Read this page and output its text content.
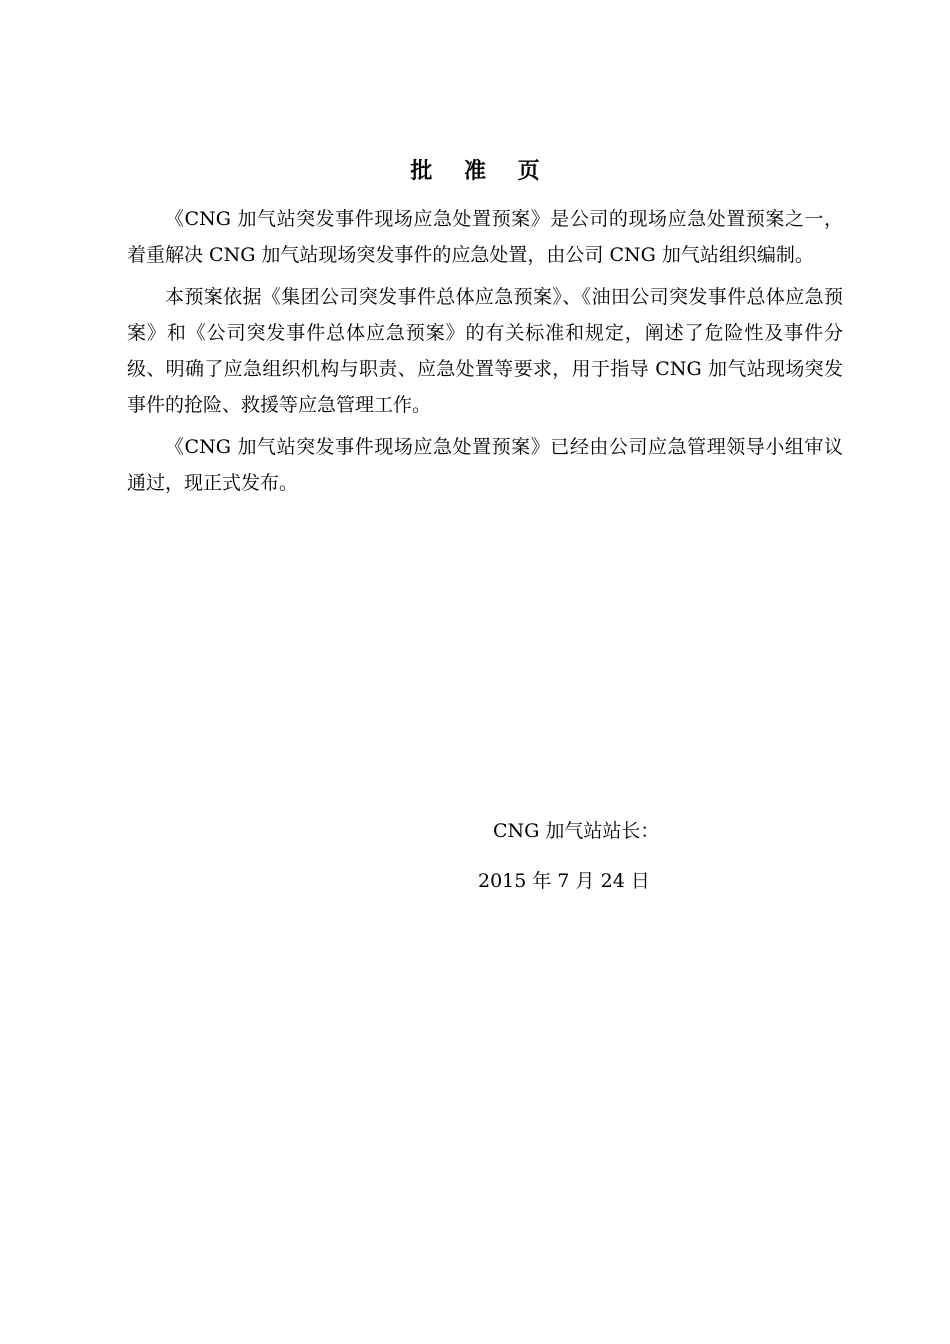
批 准 页

《CNG 加气站突发事件现场应急处置预案》是公司的现场应急处置预案之一，着重解决 CNG 加气站现场突发事件的应急处置，由公司 CNG 加气站组织编制。

本预案依据《集团公司突发事件总体应急预案》、《油田公司突发事件总体应急预案》和《公司突发事件总体应急预案》的有关标准和规定，阐述了危险性及事件分级、明确了应急组织机构与职责、应急处置等要求，用于指导 CNG 加气站现场突发事件的抢险、救援等应急管理工作。

《CNG 加气站突发事件现场应急处置预案》已经由公司应急管理领导小组审议通过，现正式发布。

CNG 加气站站长：
2015 年 7 月 24 日
